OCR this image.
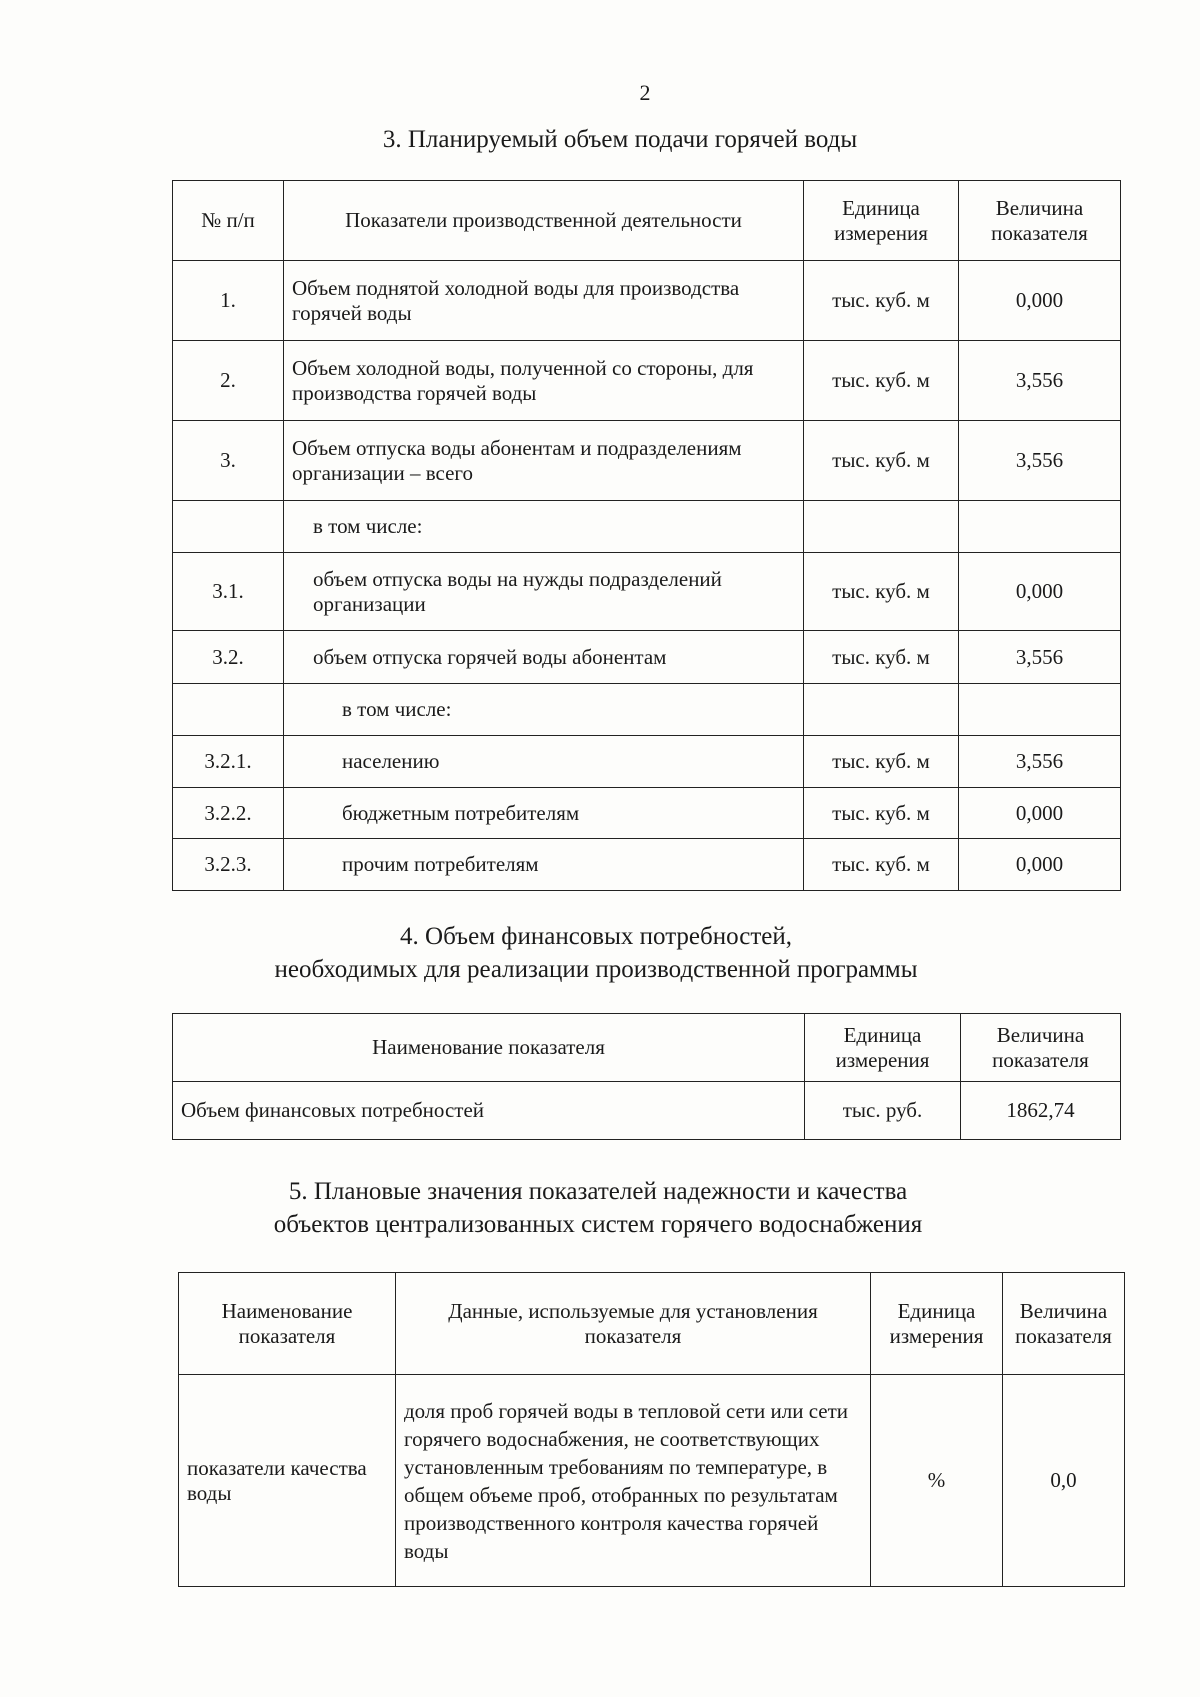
2
3. Планируемый объем подачи горячей воды
№ п/п	Показатели производственной деятельности	Единица измерения	Величина показателя
1.	Объем поднятой холодной воды для производства горячей воды	тыс. куб. м	0,000
2.	Объем холодной воды, полученной со стороны, для производства горячей воды	тыс. куб. м	3,556
3.	Объем отпуска воды абонентам и подразделениям организации – всего	тыс. куб. м	3,556
	в том числе:		
3.1.	объем отпуска воды на нужды подразделений организации	тыс. куб. м	0,000
3.2.	объем отпуска горячей воды абонентам	тыс. куб. м	3,556
	в том числе:		
3.2.1.	населению	тыс. куб. м	3,556
3.2.2.	бюджетным потребителям	тыс. куб. м	0,000
3.2.3.	прочим потребителям	тыс. куб. м	0,000
4. Объем финансовых потребностей,
необходимых для реализации производственной программы
Наименование показателя	Единица измерения	Величина показателя
Объем финансовых потребностей	тыс. руб.	1862,74
5. Плановые значения показателей надежности и качества
объектов централизованных систем горячего водоснабжения
Наименование показателя	Данные, используемые для установления показателя	Единица измерения	Величина показателя
показатели качества воды	доля проб горячей воды в тепловой сети или сети горячего водоснабжения, не соответствующих установленным требованиям по температуре, в общем объеме проб, отобранных по результатам производственного контроля качества горячей воды	%	0,0
